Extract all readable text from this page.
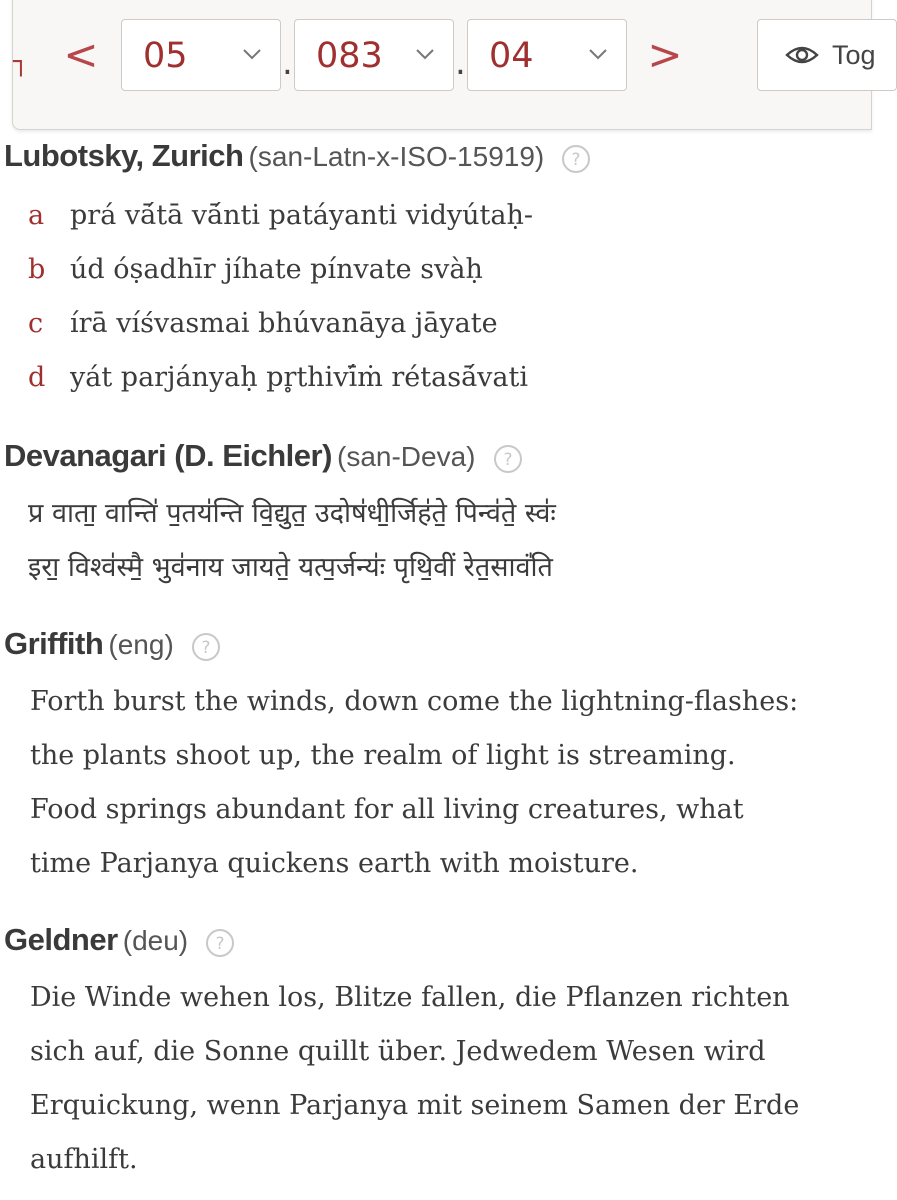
┐ < 05	. 083 . 04	>	Tog
Lubotsky, Zurich (san-Latn-x-ISO-15919) ?
a prá vā́tā vā́nti patáyanti vidyútaḥ-
b úd óṣadhīr jíhate pínvate svàḥ
c írā víśvasmai bhúvanāya jāyate
d yát parjányaḥ pr̥thivī́ṁ rétasā́vati
Devanagari (D. Eichler) (san-Deva) ?
प्र वाता॒ वान्ति॑ प॒तय॑न्ति वि॒द्युत॒ उदोष॑धी॒र्जिह॑ते॒ पिन्व॑ते॒ स्वः॑
इरा॒ विश्व॑स्मै॒ भुव॑नाय जायते॒ यत्प॒र्जन्यः॑ पृथि॒वीं रेत॒सावं॑ति
Griffith (eng) ?
Forth burst the winds, down come the lightning-flashes:
the plants shoot up, the realm of light is streaming.
Food springs abundant for all living creatures, what
time Parjanya quickens earth with moisture.
Geldner (deu) ?
Die Winde wehen los, Blitze fallen, die Pflanzen richten
sich auf, die Sonne quillt über. Jedwedem Wesen wird
Erquickung, wenn Parjanya mit seinem Samen der Erde
aufhilft.
